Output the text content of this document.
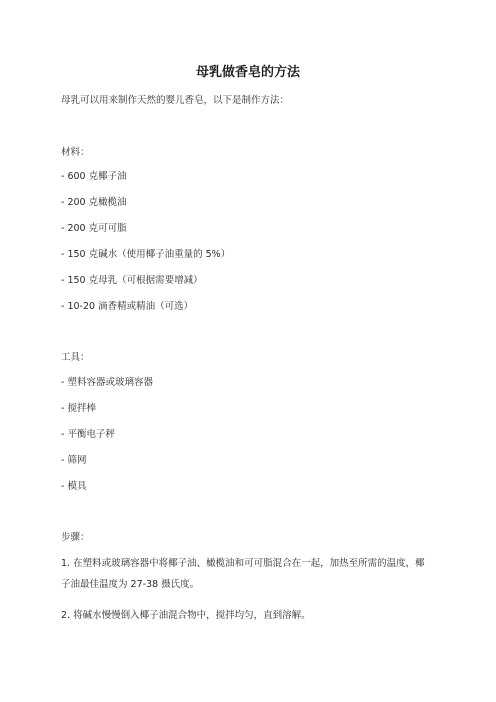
母乳做香皂的方法
母乳可以用来制作天然的婴儿香皂，以下是制作方法：
材料：
- 600 克椰子油
- 200 克橄榄油
- 200 克可可脂
- 150 克碱水（使用椰子油重量的 5%）
- 150 克母乳（可根据需要增减）
- 10-20 滴香精或精油（可选）
工具：
- 塑料容器或玻璃容器
- 搅拌棒
- 平衡电子秤
- 筛网
- 模具
步骤：
1. 在塑料或玻璃容器中将椰子油、橄榄油和可可脂混合在一起，加热至所需的温度，椰子油最佳温度为 27-38 摄氏度。
2. 将碱水慢慢倒入椰子油混合物中，搅拌均匀，直到溶解。
